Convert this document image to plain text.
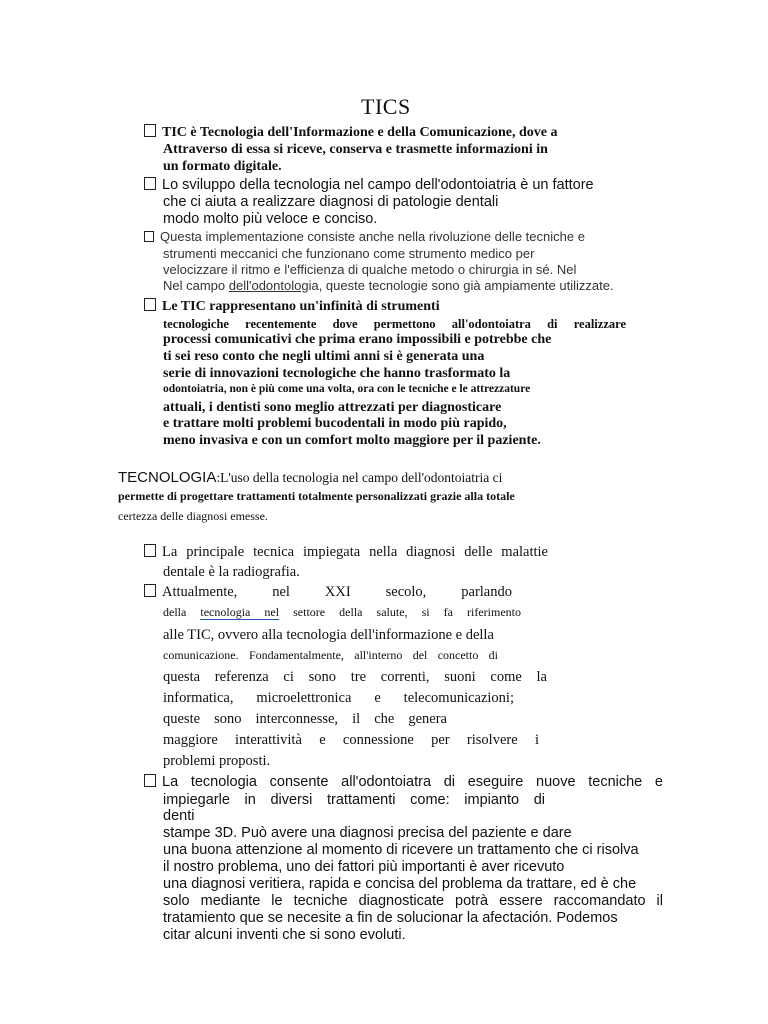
TICS
TIC è Tecnologia dell'Informazione e della Comunicazione, dove a
Attraverso di essa si riceve, conserva e trasmette informazioni in
un formato digitale.
Lo sviluppo della tecnologia nel campo dell'odontoiatria è un fattore
che ci aiuta a realizzare diagnosi di patologie dentali
modo molto più veloce e conciso.
Questa implementazione consiste anche nella rivoluzione delle tecniche e
strumenti meccanici che funzionano come strumento medico per
velocizzare il ritmo e l'efficienza di qualche metodo o chirurgia in sé. Nel
Nel campo dell'odontologia, queste tecnologie sono già ampiamente utilizzate.
Le TIC rappresentano un'infinità di strumenti
tecnologiche recentemente dove permettono all'odontoiatra di realizzare
processi comunicativi che prima erano impossibili e potrebbe che
ti sei reso conto che negli ultimi anni si è generata una
serie di innovazioni tecnologiche che hanno trasformato la
odontoiatria, non è più come una volta, ora con le tecniche e le attrezzature
attuali, i dentisti sono meglio attrezzati per diagnosticare
e trattare molti problemi bucodentali in modo più rapido,
meno invasiva e con un comfort molto maggiore per il paziente.
TECNOLOGIA:L'uso della tecnologia nel campo dell'odontoiatria ci
permette di progettare trattamenti totalmente personalizzati grazie alla totale
certezza delle diagnosi emesse.
La principale tecnica impiegata nella diagnosi delle malattie
dentale è la radiografia.
Attualmente, nel XXI secolo, parlando
della tecnologia nel settore della salute, si fa riferimento
alle TIC, ovvero alla tecnologia dell'informazione e della
comunicazione. Fondamentalmente, all'interno del concetto di
questa referenza ci sono tre correnti, suoni come la
informatica, microelettronica e telecomunicazioni;
queste sono interconnesse, il che genera
maggiore interattività e connessione per risolvere i
problemi proposti.
La tecnologia consente all'odontoiatra di eseguire nuove tecniche e
impiegarle in diversi trattamenti come: impianto di
denti
stampe 3D. Può avere una diagnosi precisa del paziente e dare
una buona attenzione al momento di ricevere un trattamento che ci risolva
il nostro problema, uno dei fattori più importanti è aver ricevuto
una diagnosi veritiera, rapida e concisa del problema da trattare, ed è che
solo mediante le tecniche diagnosticate potrà essere raccomandato il
tratamiento que se necesite a fin de solucionar la afectación. Podemos
citar alcuni inventi che si sono evoluti.
